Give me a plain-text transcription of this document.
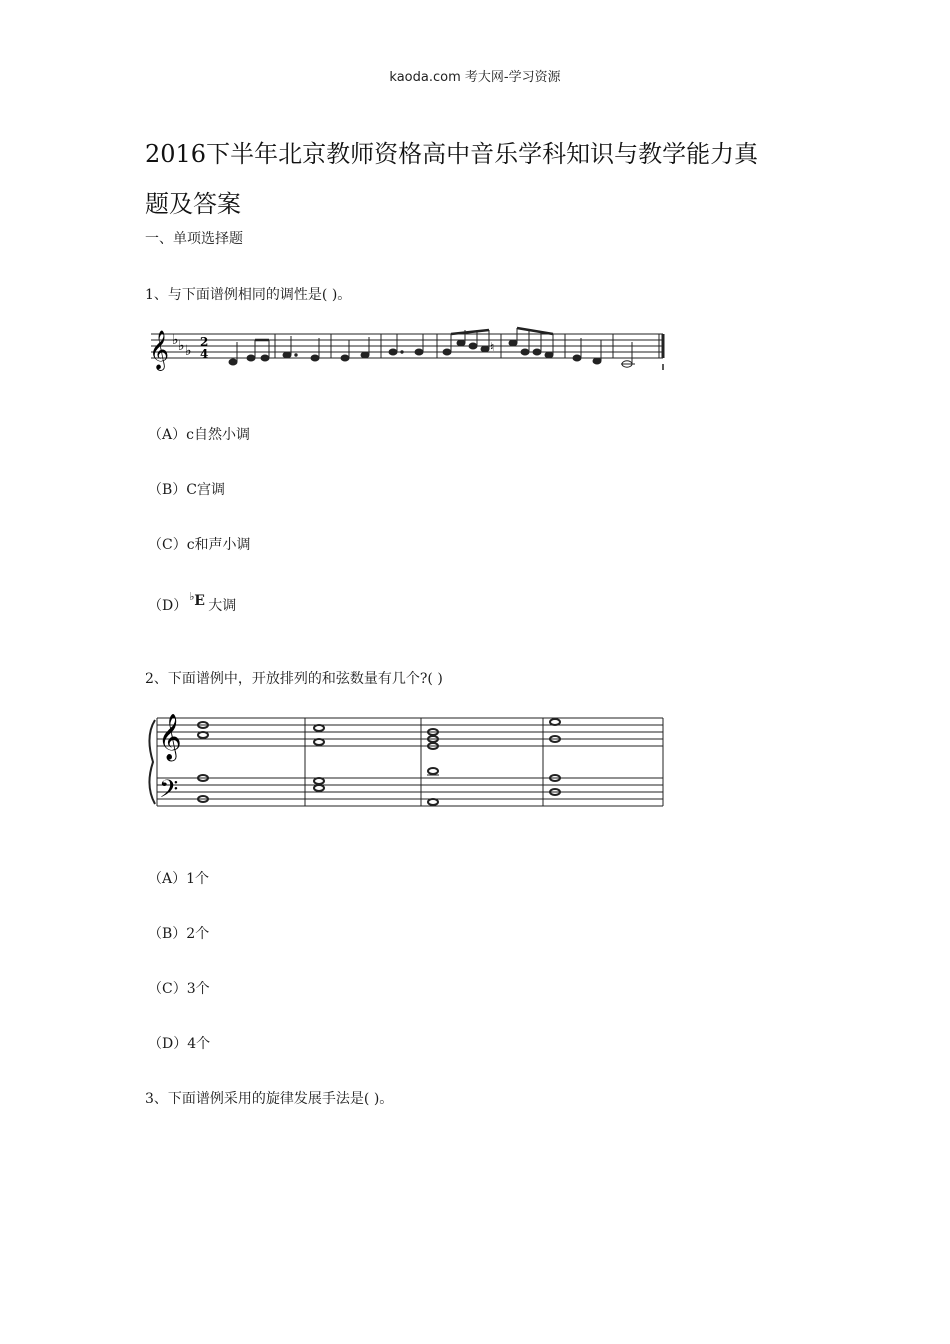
kaoda.com 考大网-学习资源
2016下半年北京教师资格高中音乐学科知识与教学能力真
题及答案
一、单项选择题
1、与下面谱例相同的调性是( )。
𝄞 ♭ ♭ ♭
2
4	♮
（A）c自然小调
（B）C宫调
（C）c和声小调
（D）
♭ E 大调
2、下面谱例中，开放排列的和弦数量有几个?( )
𝄞
𝄢
（A）1个
（B）2个
（C）3个
（D）4个
3、下面谱例采用的旋律发展手法是( )。
